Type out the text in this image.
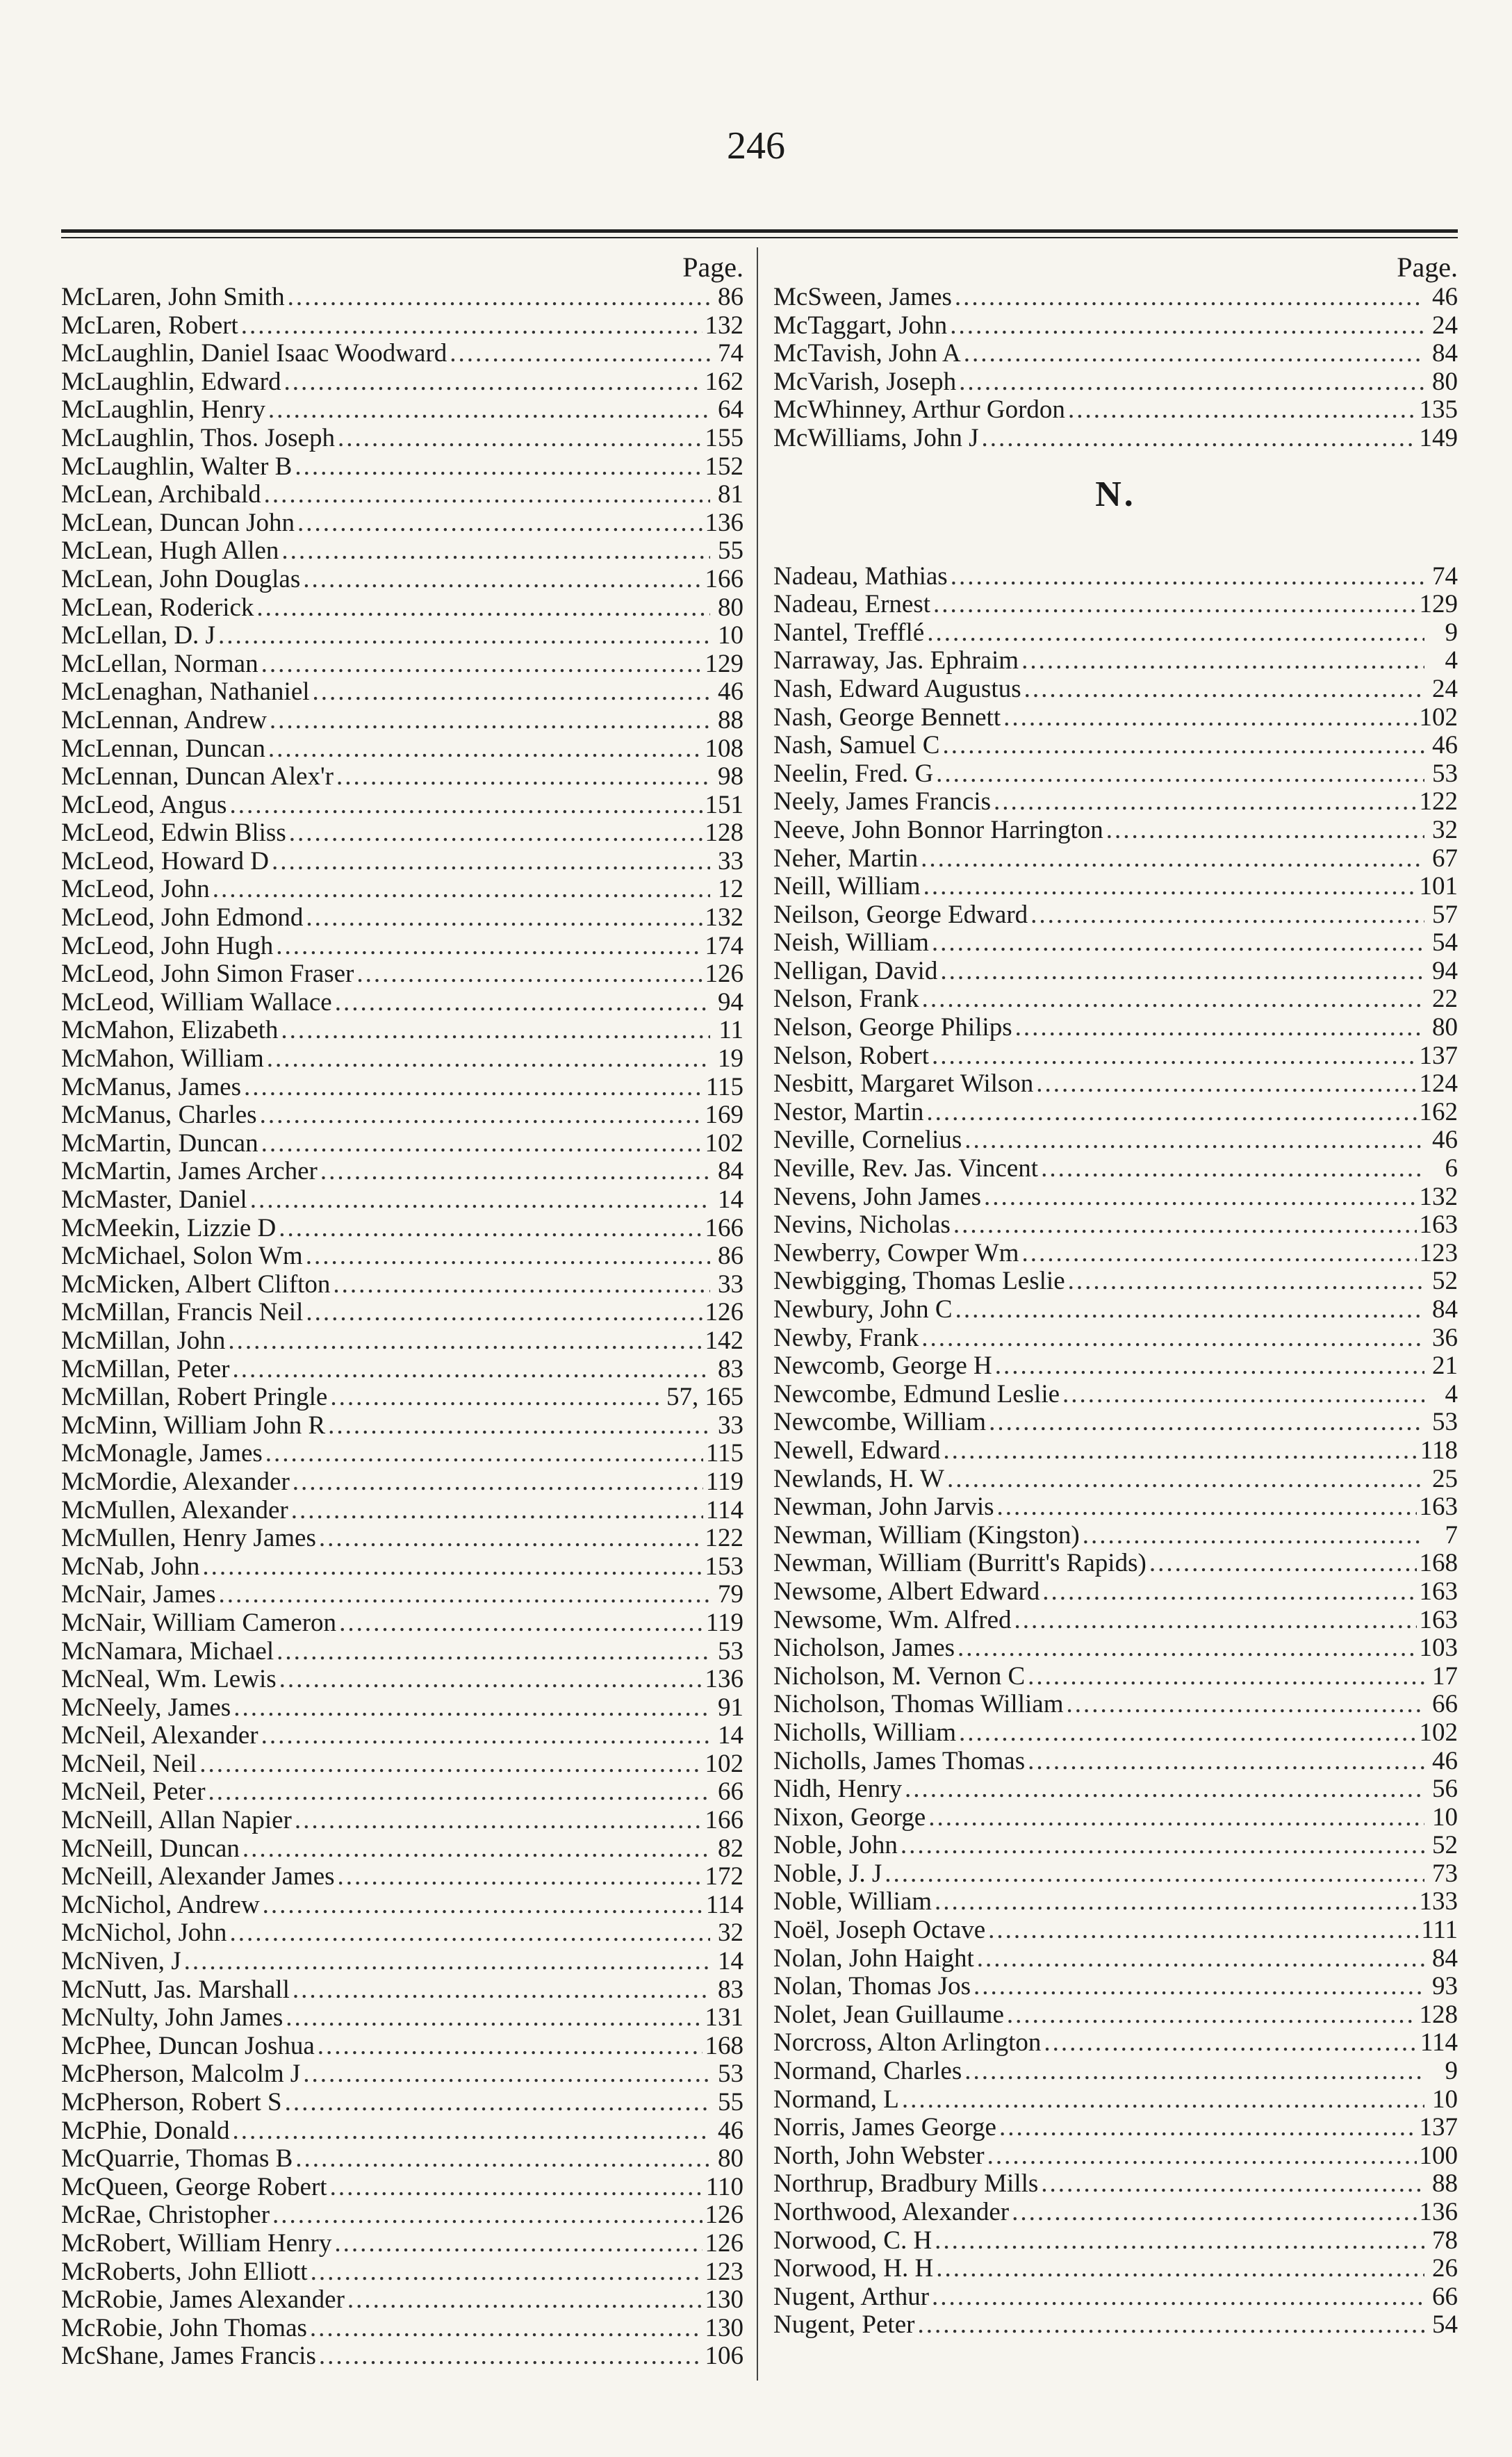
246
Page.
McLaren, John Smith .....	86
McLaren, Robert .....	132
McLaughlin, Daniel Isaac Woodward .....	74
McLaughlin, Edward .....	162
McLaughlin, Henry .....	64
McLaughlin, Thos. Joseph .....	155
McLaughlin, Walter B .....	152
McLean, Archibald .....	81
McLean, Duncan John .....	136
McLean, Hugh Allen .....	55
McLean, John Douglas .....	166
McLean, Roderick .....	80
McLellan, D. J .....	10
McLellan, Norman .....	129
McLenaghan, Nathaniel .....	46
McLennan, Andrew .....	88
McLennan, Duncan .....	108
McLennan, Duncan Alex'r .....	98
McLeod, Angus .....	151
McLeod, Edwin Bliss .....	128
McLeod, Howard D .....	33
McLeod, John .....	12
McLeod, John Edmond .....	132
McLeod, John Hugh .....	174
McLeod, John Simon Fraser .....	126
McLeod, William Wallace .....	94
McMahon, Elizabeth .....	11
McMahon, William .....	19
McManus, James .....	115
McManus, Charles .....	169
McMartin, Duncan .....	102
McMartin, James Archer .....	84
McMaster, Daniel .....	14
McMeekin, Lizzie D .....	166
McMichael, Solon Wm .....	86
McMicken, Albert Clifton .....	33
McMillan, Francis Neil .....	126
McMillan, John .....	142
McMillan, Peter .....	83
McMillan, Robert Pringle .....	57, 165
McMinn, William John R .....	33
McMonagle, James .....	115
McMordie, Alexander .....	119
McMullen, Alexander .....	114
McMullen, Henry James .....	122
McNab, John .....	153
McNair, James .....	79
McNair, William Cameron .....	119
McNamara, Michael .....	53
McNeal, Wm. Lewis .....	136
McNeely, James .....	91
McNeil, Alexander .....	14
McNeil, Neil .....	102
McNeil, Peter .....	66
McNeill, Allan Napier .....	166
McNeill, Duncan .....	82
McNeill, Alexander James .....	172
McNichol, Andrew .....	114
McNichol, John .....	32
McNiven, J .....	14
McNutt, Jas. Marshall .....	83
McNulty, John James .....	131
McPhee, Duncan Joshua .....	168
McPherson, Malcolm J .....	53
McPherson, Robert S .....	55
McPhie, Donald .....	46
McQuarrie, Thomas B .....	80
McQueen, George Robert .....	110
McRae, Christopher .....	126
McRobert, William Henry .....	126
McRoberts, John Elliott .....	123
McRobie, James Alexander .....	130
McRobie, John Thomas .....	130
McShane, James Francis .....	106
Page.
McSween, James .....	46
McTaggart, John .....	24
McTavish, John A .....	84
McVarish, Joseph .....	80
McWhinney, Arthur Gordon .....	135
McWilliams, John J .....	149
N.
Nadeau, Mathias .....	74
Nadeau, Ernest .....	129
Nantel, Trefflé .....	9
Narraway, Jas. Ephraim .....	4
Nash, Edward Augustus .....	24
Nash, George Bennett .....	102
Nash, Samuel C .....	46
Neelin, Fred. G .....	53
Neely, James Francis .....	122
Neeve, John Bonnor Harrington .....	32
Neher, Martin .....	67
Neill, William .....	101
Neilson, George Edward .....	57
Neish, William .....	54
Nelligan, David .....	94
Nelson, Frank .....	22
Nelson, George Philips .....	80
Nelson, Robert .....	137
Nesbitt, Margaret Wilson .....	124
Nestor, Martin .....	162
Neville, Cornelius .....	46
Neville, Rev. Jas. Vincent .....	6
Nevens, John James .....	132
Nevins, Nicholas .....	163
Newberry, Cowper Wm .....	123
Newbigging, Thomas Leslie .....	52
Newbury, John C .....	84
Newby, Frank .....	36
Newcomb, George H .....	21
Newcombe, Edmund Leslie .....	4
Newcombe, William .....	53
Newell, Edward .....	118
Newlands, H. W .....	25
Newman, John Jarvis .....	163
Newman, William (Kingston) .....	7
Newman, William (Burritt's Rapids) .....	168
Newsome, Albert Edward .....	163
Newsome, Wm. Alfred .....	163
Nicholson, James .....	103
Nicholson, M. Vernon C .....	17
Nicholson, Thomas William .....	66
Nicholls, William .....	102
Nicholls, James Thomas .....	46
Nidh, Henry .....	56
Nixon, George .....	10
Noble, John .....	52
Noble, J. J .....	73
Noble, William .....	133
Noël, Joseph Octave .....	111
Nolan, John Haight .....	84
Nolan, Thomas Jos .....	93
Nolet, Jean Guillaume .....	128
Norcross, Alton Arlington .....	114
Normand, Charles .....	9
Normand, L .....	10
Norris, James George .....	137
North, John Webster .....	100
Northrup, Bradbury Mills .....	88
Northwood, Alexander .....	136
Norwood, C. H .....	78
Norwood, H. H .....	26
Nugent, Arthur .....	66
Nugent, Peter .....	54
